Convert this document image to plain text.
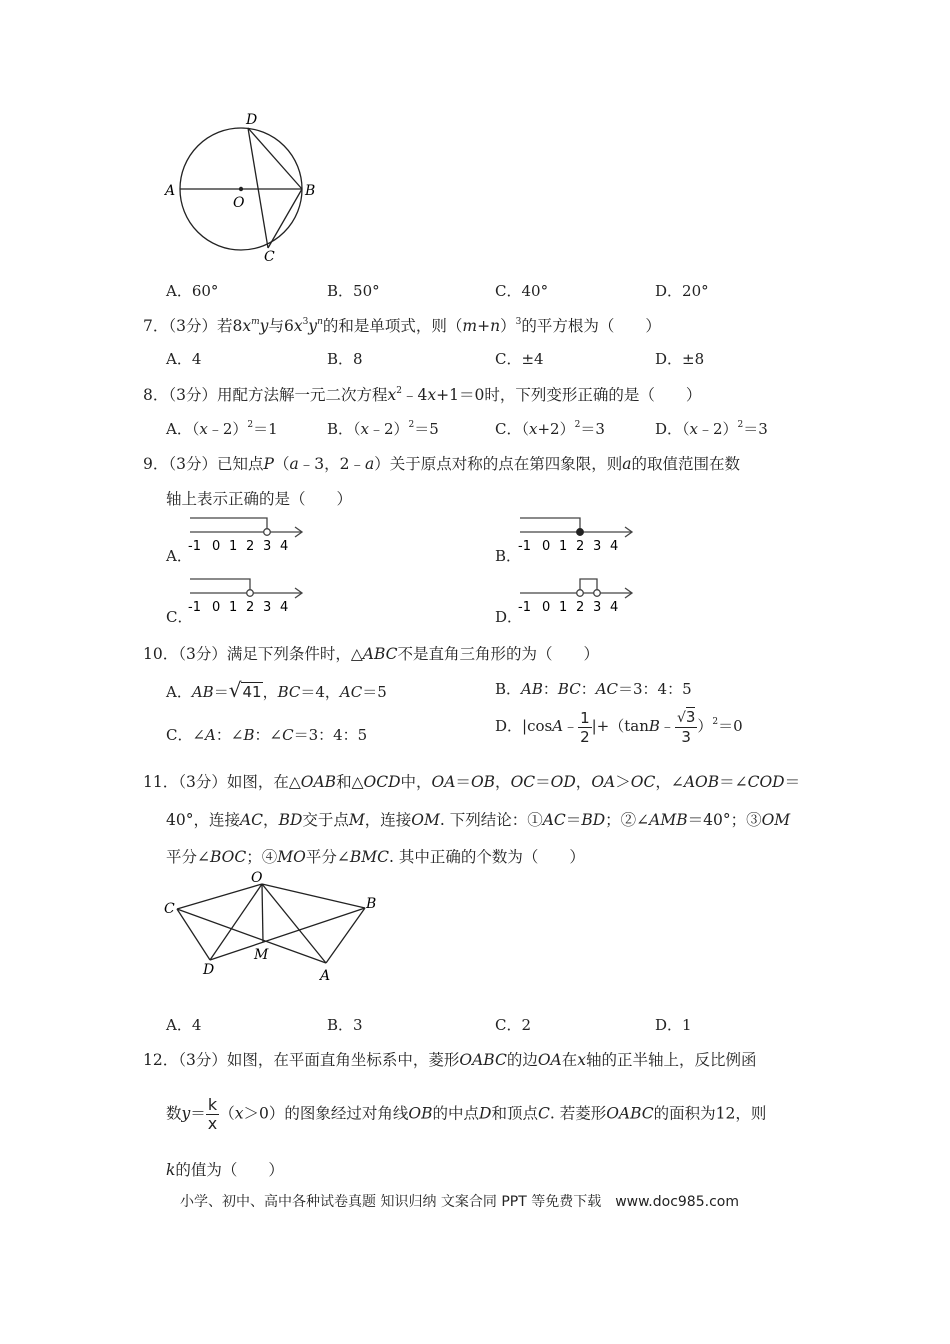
D
A
O
B
C
A．60°	B．50°	C．40°	D．20°
7．（3分）若$8x^my$与$6x^3y^n$的和是单项式，则$(m+n)^3$的平方根为（　　）
A．4	B．8	C．±4	D．±8
8．（3分）用配方法解一元二次方程$x^2﹣4x+1=0$时，下列变形正确的是（　　）
A．（x﹣2）$^2$＝1	B．（x﹣2）$^2$＝5	C．$(x+2)^2=3$	D．（x﹣2）$^2$＝3
9．（3分）已知点P（a﹣3，2﹣a）关于原点对称的点在第四象限，则a的取值范围在数
轴上表示正确的是（　　）
A．
-1 0 1 2 3 4
B．
-1 0 1 2 3 4
C．
-1 0 1 2 3 4
D．
-1 0 1 2 3 4
10．（3分）满足下列条件时，△ABC不是直角三角形的为（　　）
A．AB＝√41，BC＝4，AC＝5	B．AB：BC：AC＝3：4：5
C．∠A：∠B：∠C＝3：4：5	D．|cosA﹣ $\frac{1}{2}$ |+（tanB﹣ $\frac{√3}{3} )^2=0$
11．（3分）如图，在△OAB和△OCD中，OA＝OB，OC＝OD，OA＞OC，∠AOB＝∠COD＝
40°，连接AC，BD交于点M，连接OM. 下列结论：①AC＝BD；②∠AMB＝40°；③OM
平分∠BOC；④MO平分∠BMC. 其中正确的个数为（　　）
O
C	B
D
M
A
A．4	B．3	C．2	D．1
12．（3分）如图，在平面直角坐标系中，菱形OABC的边OA在x轴的正半轴上，反比例函
数$y= \frac{k}{x} (x>0)$的图象经过对角线OB的中点D和顶点C. 若菱形OABC的面积为12，则
k的值为（　　）
小学、初中、高中各种试卷真题 知识归纳 文案合同 PPT 等免费下载　www.doc985.com
